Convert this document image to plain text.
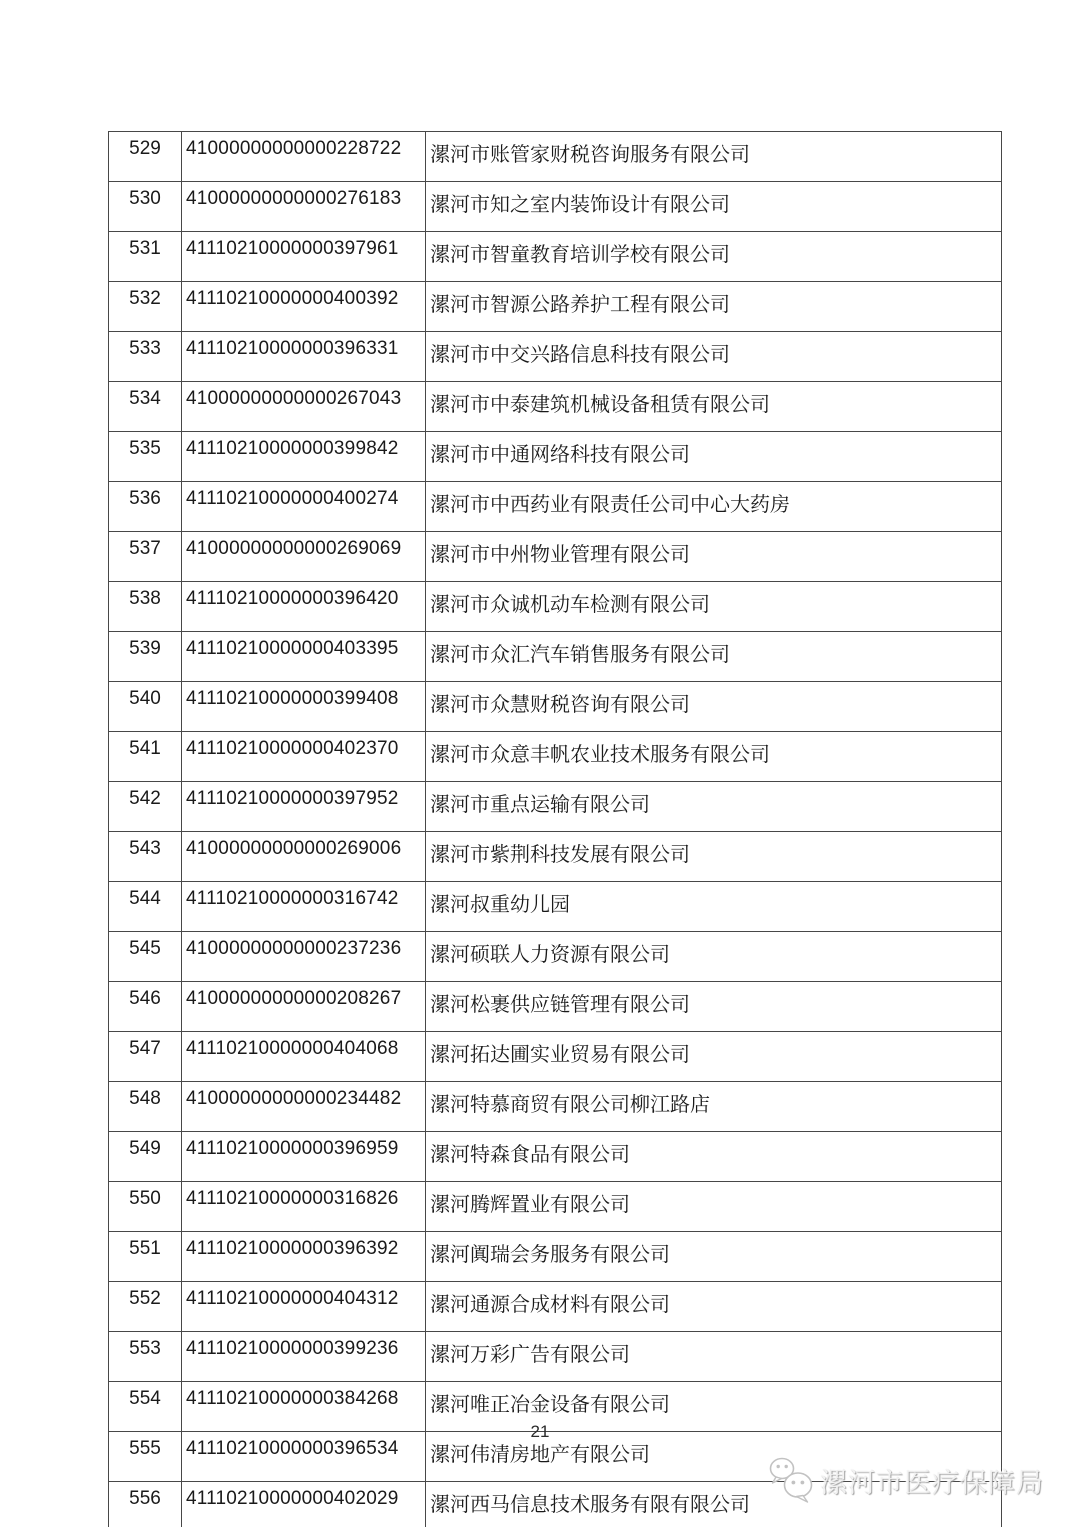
529	41000000000000228722	漯河市账管家财税咨询服务有限公司
530	41000000000000276183	漯河市知之室内装饰设计有限公司
531	41110210000000397961	漯河市智童教育培训学校有限公司
532	41110210000000400392	漯河市智源公路养护工程有限公司
533	41110210000000396331	漯河市中交兴路信息科技有限公司
534	41000000000000267043	漯河市中泰建筑机械设备租赁有限公司
535	41110210000000399842	漯河市中通网络科技有限公司
536	41110210000000400274	漯河市中西药业有限责任公司中心大药房
537	41000000000000269069	漯河市中州物业管理有限公司
538	41110210000000396420	漯河市众诚机动车检测有限公司
539	41110210000000403395	漯河市众汇汽车销售服务有限公司
540	41110210000000399408	漯河市众慧财税咨询有限公司
541	41110210000000402370	漯河市众意丰帆农业技术服务有限公司
542	41110210000000397952	漯河市重点运输有限公司
543	41000000000000269006	漯河市紫荆科技发展有限公司
544	41110210000000316742	漯河叔重幼儿园
545	41000000000000237236	漯河硕联人力资源有限公司
546	41000000000000208267	漯河松裹供应链管理有限公司
547	41110210000000404068	漯河拓达圃实业贸易有限公司
548	41000000000000234482	漯河特慕商贸有限公司柳江路店
549	41110210000000396959	漯河特森食品有限公司
550	41110210000000316826	漯河腾辉置业有限公司
551	41110210000000396392	漯河阗瑞会务服务有限公司
552	41110210000000404312	漯河通源合成材料有限公司
553	41110210000000399236	漯河万彩广告有限公司
554	41110210000000384268	漯河唯正冶金设备有限公司
555	41110210000000396534	漯河伟清房地产有限公司
556	41110210000000402029	漯河西马信息技术服务有限有限公司
21
漯河市医疗保障局
